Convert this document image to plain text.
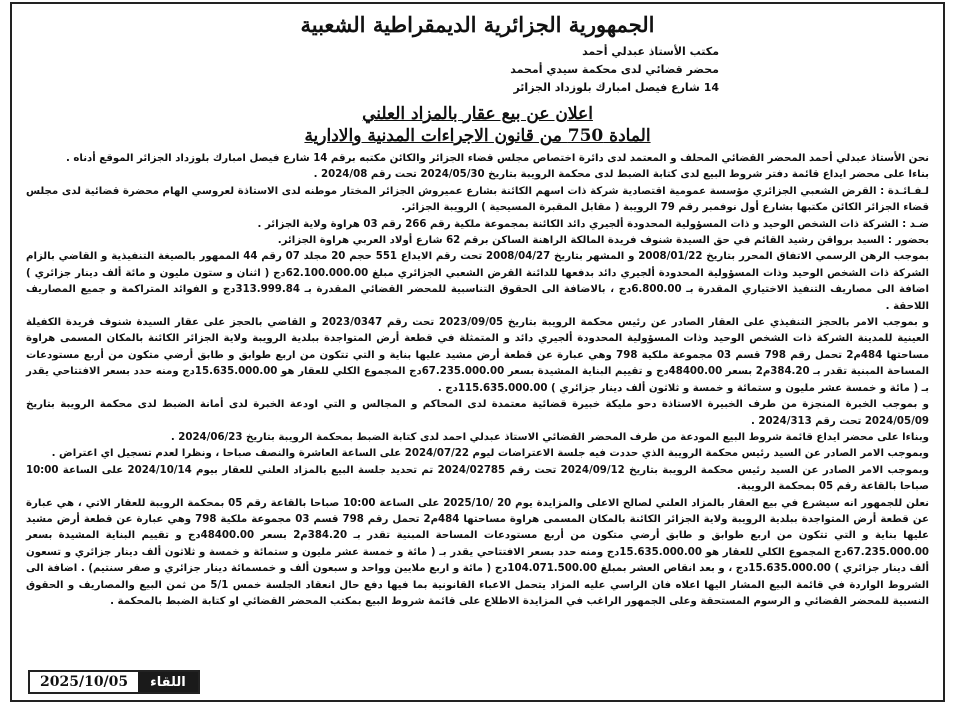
الجمهورية الجزائرية الديمقراطية الشعبية
مكتب الأستاذ عبدلي أحمد
محضر قضائي لدى محكمة سيدي أمحمد
14 شارع فيصل امبارك بلوزداد الجزائر
اعلان عن بيع عقار بالمزاد العلني
المادة 750 من قانون الاجراءات المدنية والادارية

نحن الأستاذ عبدلي أحمد المحضر القضائي المحلف و المعتمد لدى دائرة اختصاص مجلس قضاء الجزائر والكائن مكتبه برقم 14 شارع فيصل امبارك بلوزداد الجزائر الموقع أدناه .

بناءا على محضر ايداع قائمة دفتر شروط البيع لدى كتابة الضبط لدى محكمة الرويبة بتاريخ 2024/05/30 تحت رقم 2024/08 .

لـفـائـدة : القرض الشعبي الجزائري مؤسسة عمومية اقتصادية شركة ذات اسهم الكائنة بشارع عميروش الجزائر المختار موطنه لدى الاستاذة لعروسي الهام محضرة قضائية لدى مجلس قضاء الجزائر الكائن مكتبها بشارع أول نوفمبر رقم 79 الرويبة ( مقابل المقبرة المسيحية ) الرويبة الجزائر.

ضـد : الشركة ذات الشخص الوحيد و ذات المسؤولية المحدودة ألجيري دائد الكائنة بمجموعة ملكية رقم 266 رقم 03 هراوة ولاية الجزائر .

بحضور : السيد برواقن رشيد القائم في حق السيدة شنوف فريدة المالكة الراهنة الساكن برقم 62 شارع أولاد العربي هراوة الجزائر.

بموجب الرهن الرسمي الاتفاق المحرر بتاريخ 2008/01/22 و المشهر بتاريخ 2008/04/27 تحت رقم الايداع 551 حجم 20 مجلد 07 رقم 44 الممهور بالصيغة التنفيذية و القاضي بالزام الشركة ذات الشخص الوحيد وذات المسؤولية المحدودة ألجيري دائد بدفعها للدائنة القرض الشعبي الجزائري مبلغ 62.100.000.00دج ( اثنان و ستون مليون و مائة ألف دينار جزائري ) اضافة الى مصاريف التنفيذ الاختياري المقدرة بـ 6.800.00دج ، بالاضافة الى الحقوق التناسبية للمحضر القضائي المقدرة بـ 313.999.84دج و الفوائد المتراكمة و جميع المصاريف اللاحقة .

و بموجب الامر بالحجز التنفيذي على العقار الصادر عن رئيس محكمة الرويبة بتاريخ 2023/09/05 تحت رقم 2023/0347 و القاضي بالحجز على عقار السيدة شنوف فريدة الكفيلة العينية للمدينة الشركة ذات الشخص الوحيد وذات المسؤولية المحدودة ألجيري دائد و المتمثلة في قطعة أرض المتواجدة ببلدية الرويبة ولاية الجزائر الكائنة بالمكان المسمى هراوة مساحتها 484م2 تحمل رقم 798 قسم 03 مجموعة ملكية 798 وهي عبارة عن قطعة أرض مشيد عليها بناية و التي تتكون من اربع طوابق و طابق أرضي متكون من أربع مستودعات المساحة المبنية تقدر بـ 384.20م2 بسعر 48400.00دج و تقييم البناية المشيدة بسعر 67.235.000.00دج المجموع الكلي للعقار هو 15.635.000.00دج ومنه حدد بسعر الافتتاحي يقدر بـ ( مائة و خمسة عشر مليون و ستمائة و خمسة و ثلاثون ألف دينار جزائري ) 115.635.000.00دج .

و بموجب الخبرة المنجزة من طرف الخبيرة الاستاذة دحو مليكة خبيرة قضائية معتمدة لدى المحاكم و المجالس و التي اودعة الخبرة لدى أمانة الضبط لدى محكمة الرويبة بتاريخ 2024/05/09 تحت رقم 2024/313 .

وبناءا على محضر ايداع قائمة شروط البيع المودعة من طرف المحضر القضائي الاستاذ عبدلي احمد لدى كتابة الضبط بمحكمة الرويبة بتاريخ 2024/06/23 .

وبموجب الامر الصادر عن السيد رئيس محكمة الرويبة الذي حددت فيه جلسة الاعتراضات ليوم 2024/07/22 على الساعة العاشرة والنصف صباحا ، ونظرا لعدم تسجيل اي اعتراض .

وبموجب الامر الصادر عن السيد رئيس محكمة الرويبة بتاريخ 2024/09/12 تحت رقم 2024/02785 تم تحديد جلسة البيع بالمزاد العلني للعقار بيوم 2024/10/14 على الساعة 10:00 صباحا بالقاعة رقم 05 بمحكمة الرويبة.

نعلن للجمهور انه سيشرع في بيع العقار بالمزاد العلني لصالح الاعلى والمزايدة يوم 20 /2025/10 على الساعة 10:00 صباحا بالقاعة رقم 05 بمحكمة الرويبة للعقار الاتي ، هي عبارة عن قطعة أرض المتواجدة ببلدية الرويبة ولاية الجزائر الكائنة بالمكان المسمى هراوة مساحتها 484م2 تحمل رقم 798 قسم 03 مجموعة ملكية 798 وهي عبارة عن قطعة أرض مشيد عليها بناية و التي تتكون من اربع طوابق و طابق أرضي متكون من أربع مستودعات المساحة المبنية تقدر بـ 384.20م2 بسعر 48400.00دج و تقييم البناية المشيدة بسعر 67.235.000.00دج المجموع الكلي للعقار هو 15.635.000.00دج ومنه حدد بسعر الافتتاحي يقدر بـ ( مائة و خمسة عشر مليون و ستمائة و خمسة و ثلاثون ألف دينار جزائري و تسعون ألف دينار جزائري ) 15.635.000.00دج ، و بعد انقاص العشر بمبلغ 104.071.500.00دج ( مائة و اربع ملايين وواحد و سبعون ألف و خمسمائة دينار جزائري و صفر سنتيم) . اضافة الى الشروط الواردة في قائمة البيع المشار اليها اعلاه فان الراسي عليه المزاد يتحمل الاعباء القانونية بما فيها دفع حال انعقاد الجلسة خمس 5/1 من ثمن البيع والمصاريف و الحقوق النسبية للمحضر القضائي و الرسوم المستحقة وعلى الجمهور الراغب في المزايدة الاطلاع على قائمة شروط البيع بمكتب المحضر القضائي او كتابة الضبط بالمحكمة .

2025/10/05	اللقاء
